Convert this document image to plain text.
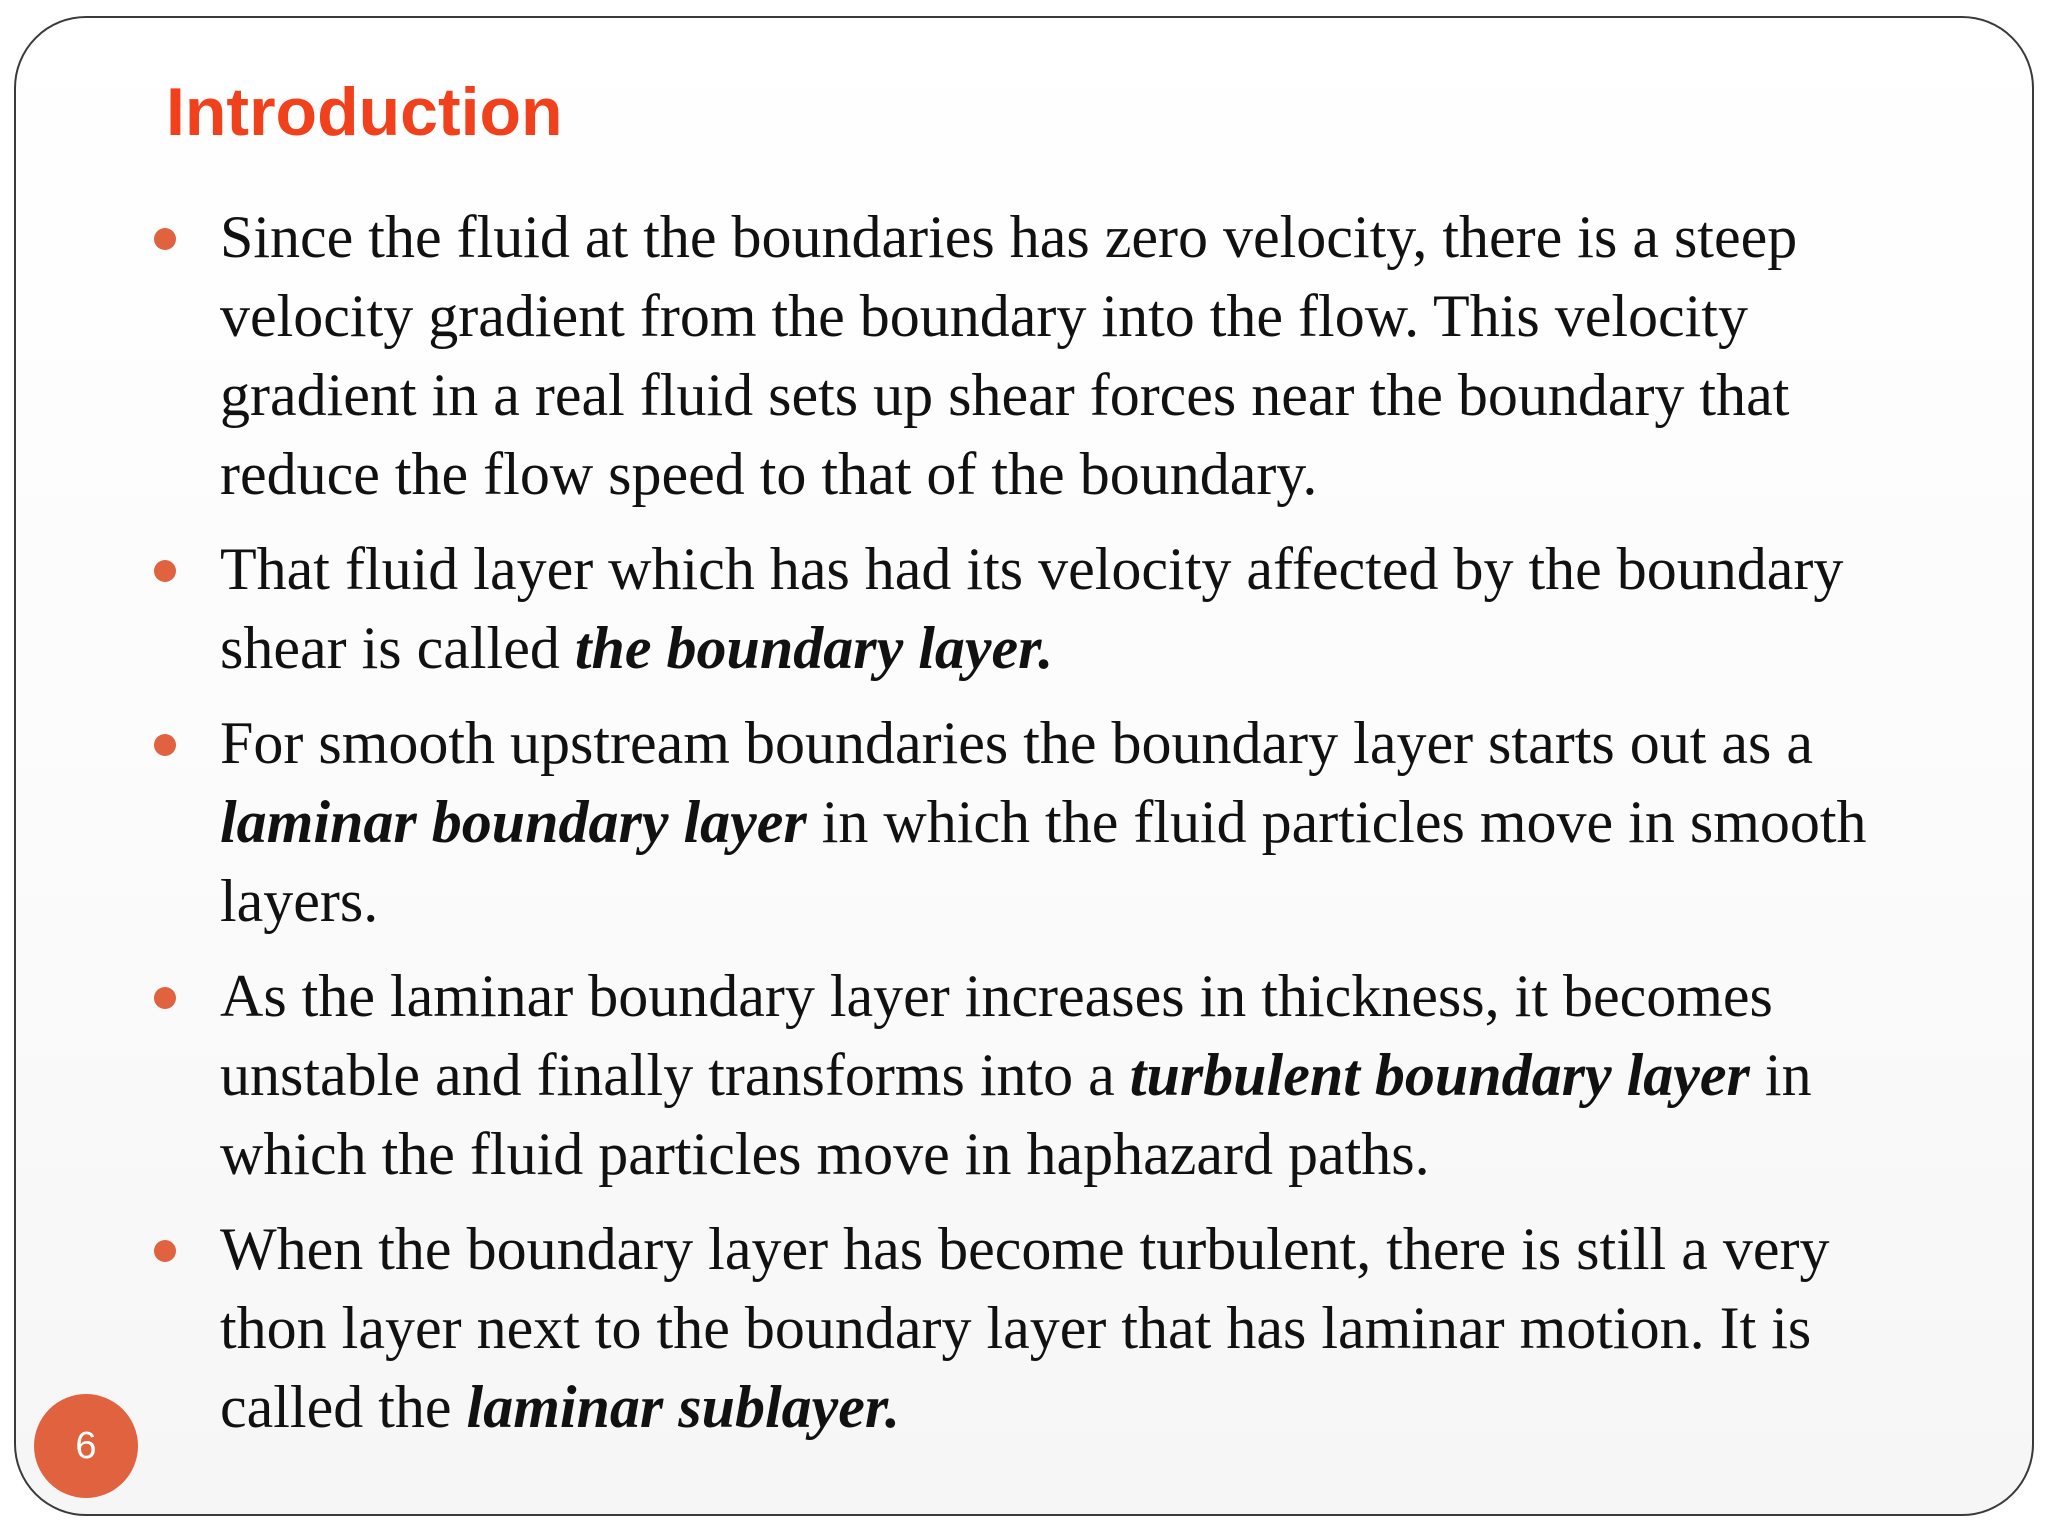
Introduction
Since the fluid at the boundaries has zero velocity, there is a steep velocity gradient from the boundary into the flow. This velocity gradient in a real fluid sets up shear forces near the boundary that reduce the flow speed to that of the boundary.
That fluid layer which has had its velocity affected by the boundary shear is called the boundary layer.
For smooth upstream boundaries the boundary layer starts out as a laminar boundary layer in which the fluid particles move in smooth layers.
As the laminar boundary layer increases in thickness, it becomes unstable and finally transforms into a turbulent boundary layer in which the fluid particles move in haphazard paths.
When the boundary layer has become turbulent, there is still a very thon layer next to the boundary layer that has laminar motion. It is called the laminar sublayer.
6
